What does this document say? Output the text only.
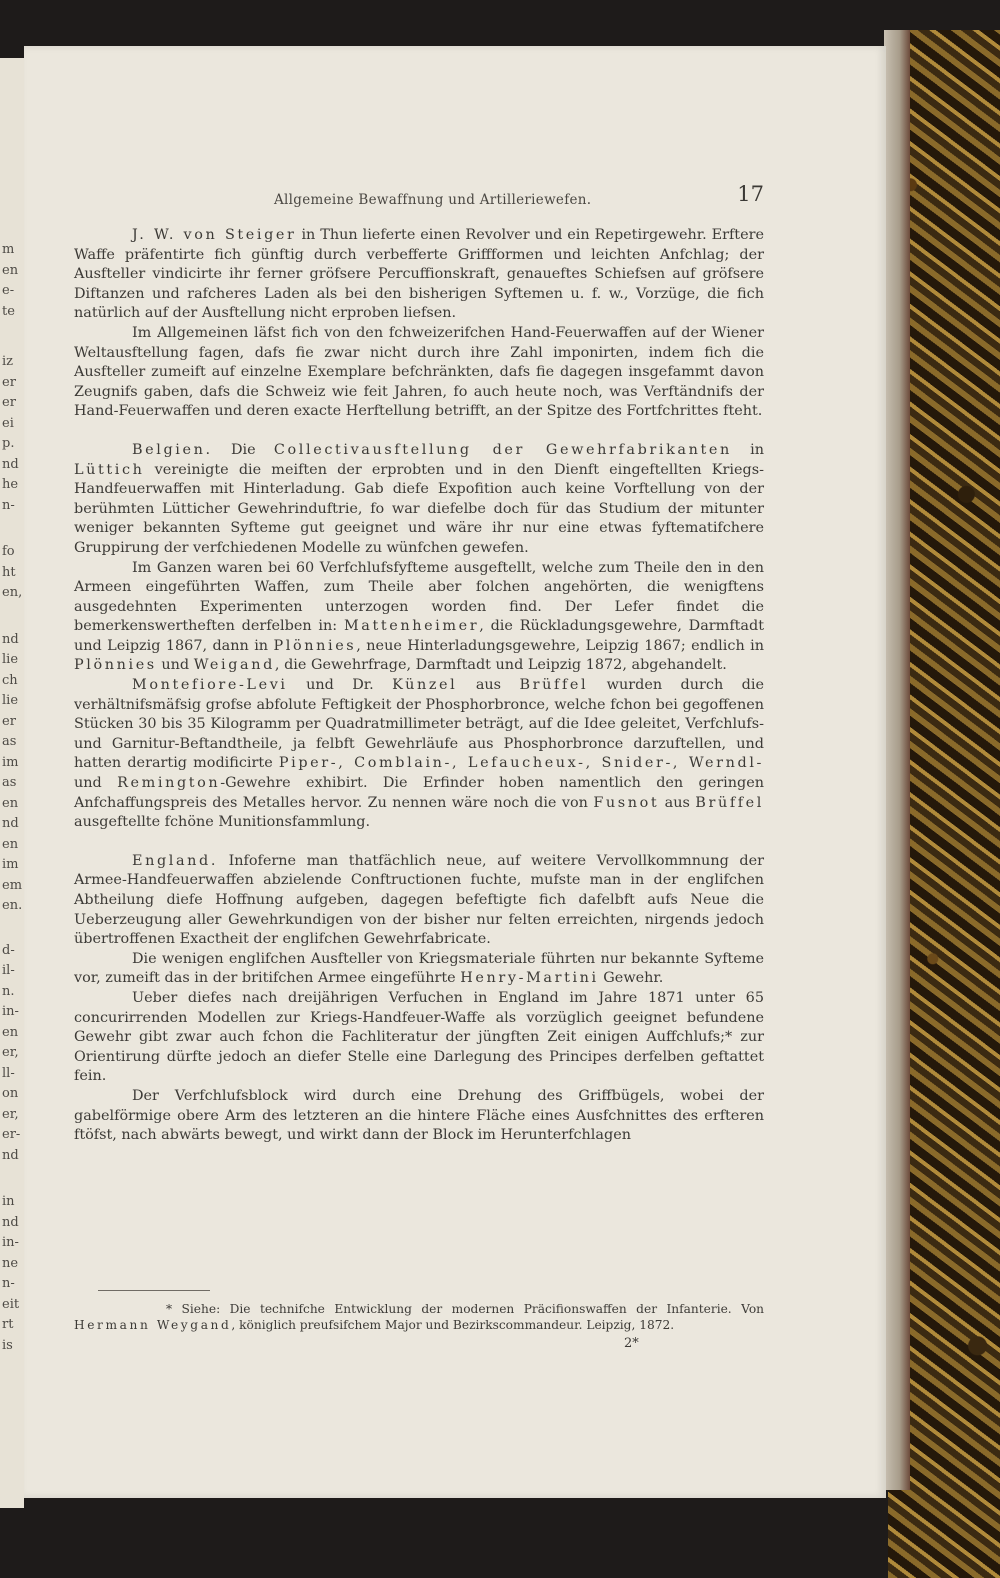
m
en
e-
te
iz
er
er
ei
p.
nd
he
n-
fo
ht
en,
nd
lie
ch
lie
er
as
im
as
en
nd
en
im
em
en.
d-
il-
n.
in-
en
er,
ll-
on
er,
er-
nd
in
nd
in-
ne
n-
eit
rt
is
Allgemeine Bewaffnung und Artilleriewefen.	17

J. W. von Steiger in Thun lieferte einen Revolver und ein Repetirgewehr. Erftere Waffe präfentirte fich günftig durch verbefferte Griffformen und leichten Anfchlag; der Ausfteller vindicirte ihr ferner gröfsere Percuffionskraft, genaueftes Schiefsen auf gröfsere Diftanzen und rafcheres Laden als bei den bisherigen Syftemen u. f. w., Vorzüge, die fich natürlich auf der Ausftellung nicht erproben liefsen.

Im Allgemeinen läfst fich von den fchweizerifchen Hand-Feuerwaffen auf der Wiener Weltausftellung fagen, dafs fie zwar nicht durch ihre Zahl imponirten, indem fich die Ausfteller zumeift auf einzelne Exemplare befchränkten, dafs fie dagegen insgefammt davon Zeugnifs gaben, dafs die Schweiz wie feit Jahren, fo auch heute noch, was Verftändnifs der Hand-Feuerwaffen und deren exacte Herftellung betrifft, an der Spitze des Fortfchrittes fteht.

Belgien. Die Collectivausftellung der Gewehrfabrikanten in Lüttich vereinigte die meiften der erprobten und in den Dienft eingeftellten Kriegs-Handfeuerwaffen mit Hinterladung. Gab diefe Expofition auch keine Vorftellung von der berühmten Lütticher Gewehrinduftrie, fo war diefelbe doch für das Studium der mitunter weniger bekannten Syfteme gut geeignet und wäre ihr nur eine etwas fyftematifchere Gruppirung der verfchiedenen Modelle zu wünfchen gewefen.

Im Ganzen waren bei 60 Verfchlufsfyfteme ausgeftellt, welche zum Theile den in den Armeen eingeführten Waffen, zum Theile aber folchen angehörten, die wenigftens ausgedehnten Experimenten unterzogen worden find. Der Lefer findet die bemerkenswertheften derfelben in: Mattenheimer, die Rückladungsgewehre, Darmftadt und Leipzig 1867, dann in Plönnies, neue Hinterladungsgewehre, Leipzig 1867; endlich in Plönnies und Weigand, die Gewehrfrage, Darmftadt und Leipzig 1872, abgehandelt.

Montefiore-Levi und Dr. Künzel aus Brüffel wurden durch die verhältnifsmäfsig grofse abfolute Feftigkeit der Phosphorbronce, welche fchon bei gegoffenen Stücken 30 bis 35 Kilogramm per Quadratmillimeter beträgt, auf die Idee geleitet, Verfchlufs- und Garnitur-Beftandtheile, ja felbft Gewehrläufe aus Phosphorbronce darzuftellen, und hatten derartig modificirte Piper-, Comblain-, Lefaucheux-, Snider-, Werndl- und Remington-Gewehre exhibirt. Die Erfinder hoben namentlich den geringen Anfchaffungspreis des Metalles hervor. Zu nennen wäre noch die von Fusnot aus Brüffel ausgeftellte fchöne Munitionsfammlung.

England. Infoferne man thatfächlich neue, auf weitere Vervollkommnung der Armee-Handfeuerwaffen abzielende Conftructionen fuchte, mufste man in der englifchen Abtheilung diefe Hoffnung aufgeben, dagegen befeftigte fich dafelbft aufs Neue die Ueberzeugung aller Gewehrkundigen von der bisher nur felten erreichten, nirgends jedoch übertroffenen Exactheit der englifchen Gewehrfabricate.

Die wenigen englifchen Ausfteller von Kriegsmateriale führten nur bekannte Syfteme vor, zumeift das in der britifchen Armee eingeführte Henry-Martini Gewehr.

Ueber diefes nach dreijährigen Verfuchen in England im Jahre 1871 unter 65 concurirrenden Modellen zur Kriegs-Handfeuer-Waffe als vorzüglich geeignet befundene Gewehr gibt zwar auch fchon die Fachliteratur der jüngften Zeit einigen Auffchlufs;* zur Orientirung dürfte jedoch an diefer Stelle eine Darlegung des Principes derfelben geftattet fein.

Der Verfchlufsblock wird durch eine Drehung des Griffbügels, wobei der gabelförmige obere Arm des letzteren an die hintere Fläche eines Ausfchnittes des erfteren ftöfst, nach abwärts bewegt, und wirkt dann der Block im Herunterfchlagen

* Siehe: Die technifche Entwicklung der modernen Präcifionswaffen der Infanterie. Von Hermann Weygand, königlich preufsifchem Major und Bezirkscommandeur. Leipzig, 1872.

2*
